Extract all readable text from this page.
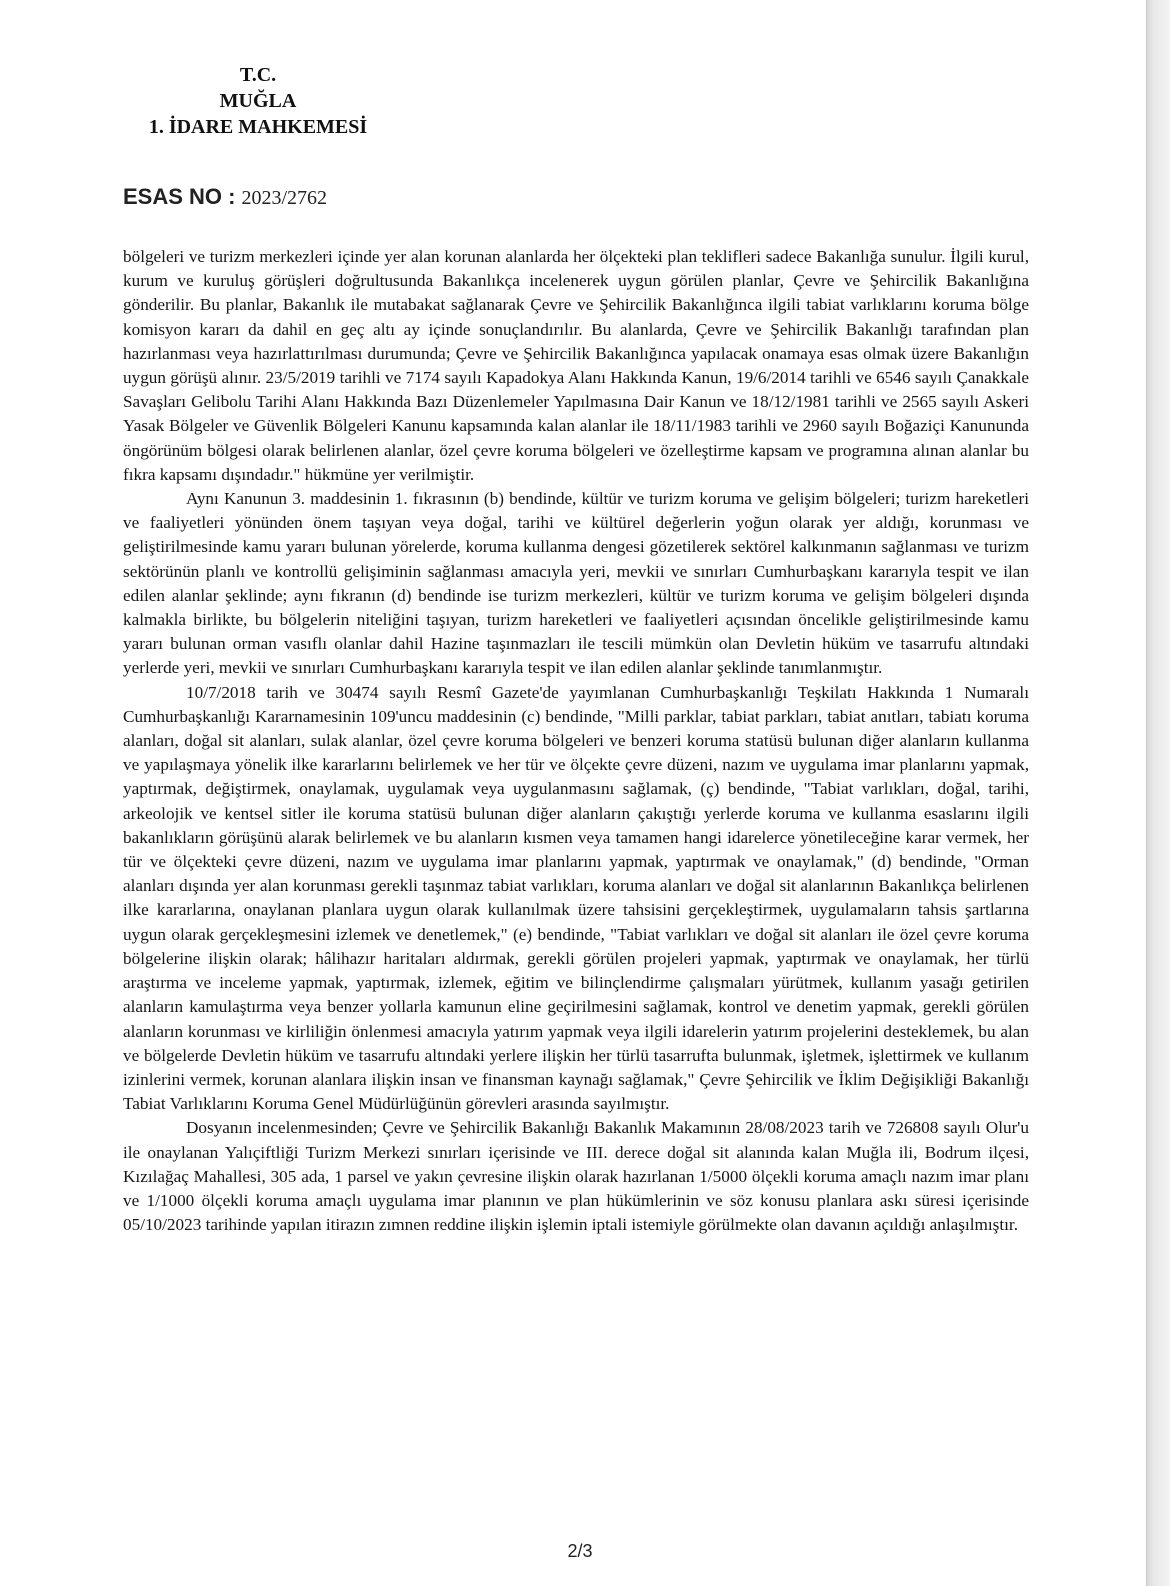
T.C.
MUĞLA
1. İDARE MAHKEMESİ
ESAS NO : 2023/2762

bölgeleri ve turizm merkezleri içinde yer alan korunan alanlarda her ölçekteki plan teklifleri sadece Bakanlığa sunulur. İlgili kurul, kurum ve kuruluş görüşleri doğrultusunda Bakanlıkça incelenerek uygun görülen planlar, Çevre ve Şehircilik Bakanlığına gönderilir. Bu planlar, Bakanlık ile mutabakat sağlanarak Çevre ve Şehircilik Bakanlığınca ilgili tabiat varlıklarını koruma bölge komisyon kararı da dahil en geç altı ay içinde sonuçlandırılır. Bu alanlarda, Çevre ve Şehircilik Bakanlığı tarafından plan hazırlanması veya hazırlattırılması durumunda; Çevre ve Şehircilik Bakanlığınca yapılacak onamaya esas olmak üzere Bakanlığın uygun görüşü alınır. 23/5/2019 tarihli ve 7174 sayılı Kapadokya Alanı Hakkında Kanun, 19/6/2014 tarihli ve 6546 sayılı Çanakkale Savaşları Gelibolu Tarihi Alanı Hakkında Bazı Düzenlemeler Yapılmasına Dair Kanun ve 18/12/1981 tarihli ve 2565 sayılı Askeri Yasak Bölgeler ve Güvenlik Bölgeleri Kanunu kapsamında kalan alanlar ile 18/11/1983 tarihli ve 2960 sayılı Boğaziçi Kanununda öngörünüm bölgesi olarak belirlenen alanlar, özel çevre koruma bölgeleri ve özelleştirme kapsam ve programına alınan alanlar bu fıkra kapsamı dışındadır." hükmüne yer verilmiştir.

Aynı Kanunun 3. maddesinin 1. fıkrasının (b) bendinde, kültür ve turizm koruma ve gelişim bölgeleri; turizm hareketleri ve faaliyetleri yönünden önem taşıyan veya doğal, tarihi ve kültürel değerlerin yoğun olarak yer aldığı, korunması ve geliştirilmesinde kamu yararı bulunan yörelerde, koruma kullanma dengesi gözetilerek sektörel kalkınmanın sağlanması ve turizm sektörünün planlı ve kontrollü gelişiminin sağlanması amacıyla yeri, mevkii ve sınırları Cumhurbaşkanı kararıyla tespit ve ilan edilen alanlar şeklinde; aynı fıkranın (d) bendinde ise turizm merkezleri, kültür ve turizm koruma ve gelişim bölgeleri dışında kalmakla birlikte, bu bölgelerin niteliğini taşıyan, turizm hareketleri ve faaliyetleri açısından öncelikle geliştirilmesinde kamu yararı bulunan orman vasıflı olanlar dahil Hazine taşınmazları ile tescili mümkün olan Devletin hüküm ve tasarrufu altındaki yerlerde yeri, mevkii ve sınırları Cumhurbaşkanı kararıyla tespit ve ilan edilen alanlar şeklinde tanımlanmıştır.

10/7/2018 tarih ve 30474 sayılı Resmî Gazete'de yayımlanan Cumhurbaşkanlığı Teşkilatı Hakkında 1 Numaralı Cumhurbaşkanlığı Kararnamesinin 109'uncu maddesinin (c) bendinde, "Milli parklar, tabiat parkları, tabiat anıtları, tabiatı koruma alanları, doğal sit alanları, sulak alanlar, özel çevre koruma bölgeleri ve benzeri koruma statüsü bulunan diğer alanların kullanma ve yapılaşmaya yönelik ilke kararlarını belirlemek ve her tür ve ölçekte çevre düzeni, nazım ve uygulama imar planlarını yapmak, yaptırmak, değiştirmek, onaylamak, uygulamak veya uygulanmasını sağlamak, (ç) bendinde, "Tabiat varlıkları, doğal, tarihi, arkeolojik ve kentsel sitler ile koruma statüsü bulunan diğer alanların çakıştığı yerlerde koruma ve kullanma esaslarını ilgili bakanlıkların görüşünü alarak belirlemek ve bu alanların kısmen veya tamamen hangi idarelerce yönetileceğine karar vermek, her tür ve ölçekteki çevre düzeni, nazım ve uygulama imar planlarını yapmak, yaptırmak ve onaylamak," (d) bendinde, "Orman alanları dışında yer alan korunması gerekli taşınmaz tabiat varlıkları, koruma alanları ve doğal sit alanlarının Bakanlıkça belirlenen ilke kararlarına, onaylanan planlara uygun olarak kullanılmak üzere tahsisini gerçekleştirmek, uygulamaların tahsis şartlarına uygun olarak gerçekleşmesini izlemek ve denetlemek," (e) bendinde, "Tabiat varlıkları ve doğal sit alanları ile özel çevre koruma bölgelerine ilişkin olarak; hâlihazır haritaları aldırmak, gerekli görülen projeleri yapmak, yaptırmak ve onaylamak, her türlü araştırma ve inceleme yapmak, yaptırmak, izlemek, eğitim ve bilinçlendirme çalışmaları yürütmek, kullanım yasağı getirilen alanların kamulaştırma veya benzer yollarla kamunun eline geçirilmesini sağlamak, kontrol ve denetim yapmak, gerekli görülen alanların korunması ve kirliliğin önlenmesi amacıyla yatırım yapmak veya ilgili idarelerin yatırım projelerini desteklemek, bu alan ve bölgelerde Devletin hüküm ve tasarrufu altındaki yerlere ilişkin her türlü tasarrufta bulunmak, işletmek, işlettirmek ve kullanım izinlerini vermek, korunan alanlara ilişkin insan ve finansman kaynağı sağlamak," Çevre Şehircilik ve İklim Değişikliği Bakanlığı Tabiat Varlıklarını Koruma Genel Müdürlüğünün görevleri arasında sayılmıştır.

Dosyanın incelenmesinden; Çevre ve Şehircilik Bakanlığı Bakanlık Makamının 28/08/2023 tarih ve 726808 sayılı Olur'u ile onaylanan Yalıçiftliği Turizm Merkezi sınırları içerisinde ve III. derece doğal sit alanında kalan Muğla ili, Bodrum ilçesi, Kızılağaç Mahallesi, 305 ada, 1 parsel ve yakın çevresine ilişkin olarak hazırlanan 1/5000 ölçekli koruma amaçlı nazım imar planı ve 1/1000 ölçekli koruma amaçlı uygulama imar planının ve plan hükümlerinin ve söz konusu planlara askı süresi içerisinde 05/10/2023 tarihinde yapılan itirazın zımnen reddine ilişkin işlemin iptali istemiyle görülmekte olan davanın açıldığı anlaşılmıştır.

2/3
